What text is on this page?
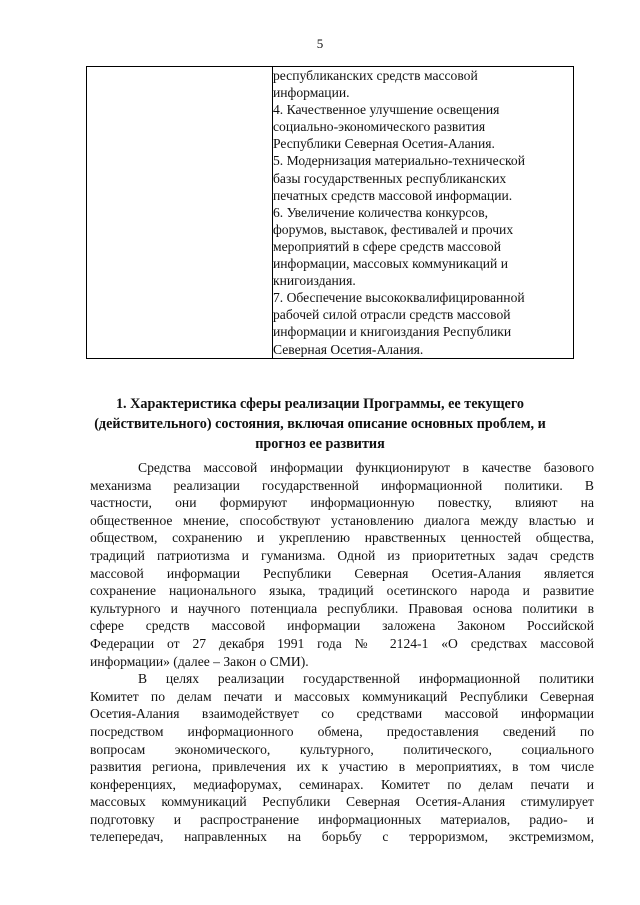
5

республиканских средств массовой
информации.
4. Качественное улучшение освещения
социально-экономического развития
Республики Северная Осетия-Алания.
5. Модернизация материально-технической
базы государственных республиканских
печатных средств массовой информации.
6. Увеличение количества конкурсов,
форумов, выставок, фестивалей и прочих
мероприятий в сфере средств массовой
информации, массовых коммуникаций и
книгоиздания.
7. Обеспечение высококвалифицированной
рабочей силой отрасли средств массовой
информации и книгоиздания Республики
Северная Осетия-Алания.
1. Характеристика сферы реализации Программы, ее текущего
(действительного) состояния, включая описание основных проблем, и
прогноз ее развития
Средства массовой информации функционируют в качестве базового
механизма реализации государственной информационной политики. В
частности, они формируют информационную повестку, влияют на
общественное мнение, способствуют установлению диалога между властью и
обществом, сохранению и укреплению нравственных ценностей общества,
традиций патриотизма и гуманизма. Одной из приоритетных задач средств
массовой информации Республики Северная Осетия-Алания является
сохранение национального языка, традиций осетинского народа и развитие
культурного и научного потенциала республики. Правовая основа политики в
сфере средств массовой информации заложена Законом Российской
Федерации от 27 декабря 1991 года № 2124-1 «О средствах массовой
информации» (далее – Закон о СМИ).
В целях реализации государственной информационной политики
Комитет по делам печати и массовых коммуникаций Республики Северная
Осетия-Алания взаимодействует со средствами массовой информации
посредством информационного обмена, предоставления сведений по
вопросам экономического, культурного, политического, социального
развития региона, привлечения их к участию в мероприятиях, в том числе
конференциях, медиафорумах, семинарах. Комитет по делам печати и
массовых коммуникаций Республики Северная Осетия-Алания стимулирует
подготовку и распространение информационных материалов, радио- и
телепередач, направленных на борьбу с терроризмом, экстремизмом,
